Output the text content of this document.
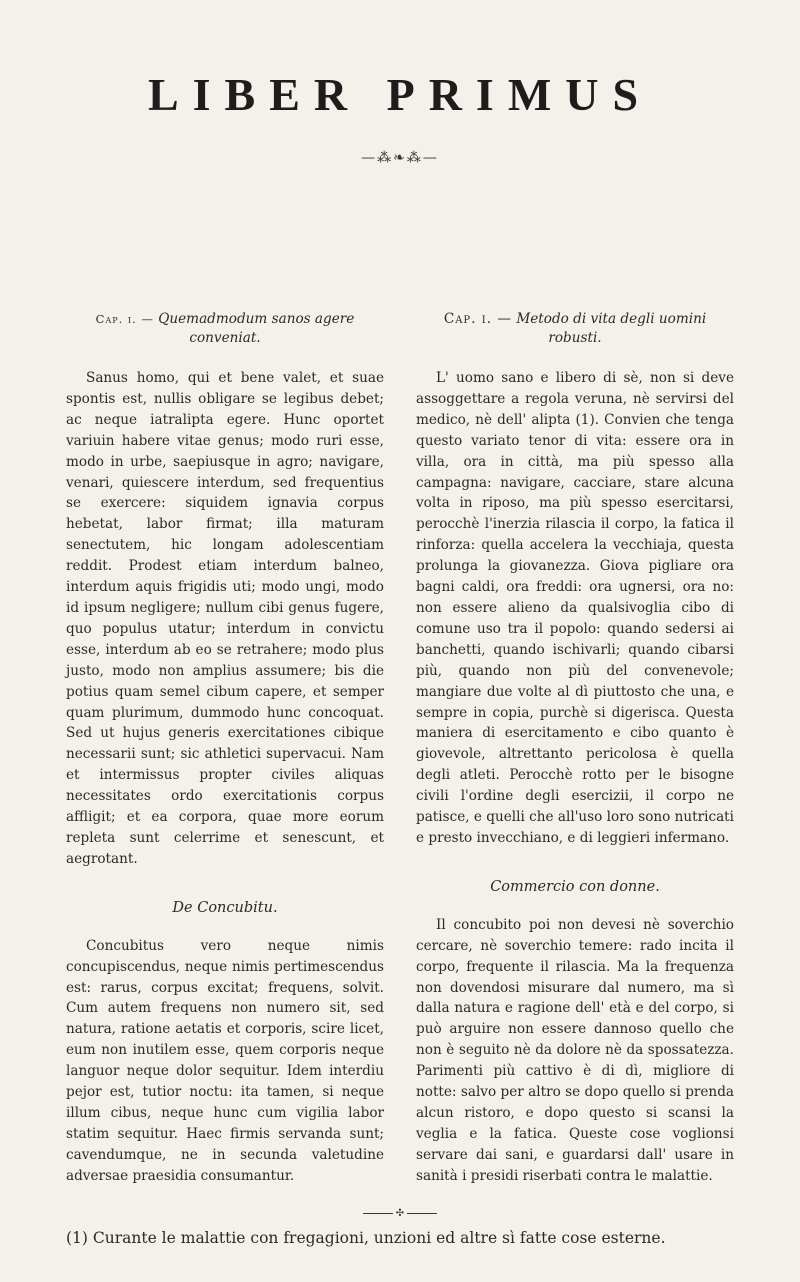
LIBER PRIMUS
—⁂❧⁂—
Cap. i. — Quemadmodum sanos agere conveniat.

Sanus homo, qui et bene valet, et suae spontis est, nullis obligare se legibus debet; ac neque iatralipta egere. Hunc oportet variuin habere vitae genus; modo ruri esse, modo in urbe, saepiusque in agro; navigare, venari, quiescere interdum, sed frequentius se exercere: siquidem ignavia corpus hebetat, labor firmat; illa maturam senectutem, hic longam adolescentiam reddit. Prodest etiam interdum balneo, interdum aquis frigidis uti; modo ungi, modo id ipsum negligere; nullum cibi genus fugere, quo populus utatur; interdum in convictu esse, interdum ab eo se retrahere; modo plus justo, modo non amplius assumere; bis die potius quam semel cibum capere, et semper quam plurimum, dummodo hunc concoquat. Sed ut hujus generis exercitationes cibique necessarii sunt; sic athletici supervacui. Nam et intermissus propter civiles aliquas necessitates ordo exercitationis corpus affligit; et ea corpora, quae more eorum repleta sunt celerrime et senescunt, et aegrotant.

De Concubitu.

Concubitus vero neque nimis concupiscendus, neque nimis pertimescendus est: rarus, corpus excitat; frequens, solvit. Cum autem frequens non numero sit, sed natura, ratione aetatis et corporis, scire licet, eum non inutilem esse, quem corporis neque languor neque dolor sequitur. Idem interdiu pejor est, tutior noctu: ita tamen, si neque illum cibus, neque hunc cum vigilia labor statim sequitur. Haec firmis servanda sunt; cavendumque, ne in secunda valetudine adversae praesidia consumantur.

Cap. i. — Metodo di vita degli uomini robusti.

L' uomo sano e libero di sè, non si deve assoggettare a regola veruna, nè servirsi del medico, nè dell' alipta (1). Convien che tenga questo variato tenor di vita: essere ora in villa, ora in città, ma più spesso alla campagna: navigare, cacciare, stare alcuna volta in riposo, ma più spesso esercitarsi, perocchè l'inerzia rilascia il corpo, la fatica il rinforza: quella accelera la vecchiaja, questa prolunga la giovanezza. Giova pigliare ora bagni caldi, ora freddi: ora ugnersi, ora no: non essere alieno da qualsivoglia cibo di comune uso tra il popolo: quando sedersi ai banchetti, quando ischivarli; quando cibarsi più, quando non più del convenevole; mangiare due volte al dì piuttosto che una, e sempre in copia, purchè si digerisca. Questa maniera di esercitamento e cibo quanto è giovevole, altrettanto pericolosa è quella degli atleti. Perocchè rotto per le bisogne civili l'ordine degli esercizii, il corpo ne patisce, e quelli che all'uso loro sono nutricati e presto invecchiano, e di leggieri infermano.

Commercio con donne.

Il concubito poi non devesi nè soverchio cercare, nè soverchio temere: rado incita il corpo, frequente il rilascia. Ma la frequenza non dovendosi misurare dal numero, ma sì dalla natura e ragione dell' età e del corpo, si può arguire non essere dannoso quello che non è seguito nè da dolore nè da spossatezza. Parimenti più cattivo è di dì, migliore di notte: salvo per altro se dopo quello si prenda alcun ristoro, e dopo questo si scansi la veglia e la fatica. Queste cose voglionsi servare dai sani, e guardarsi dall' usare in sanità i presidi riserbati contra le malattie.

✣

(1) Curante le malattie con fregagioni, unzioni ed altre sì fatte cose esterne.
